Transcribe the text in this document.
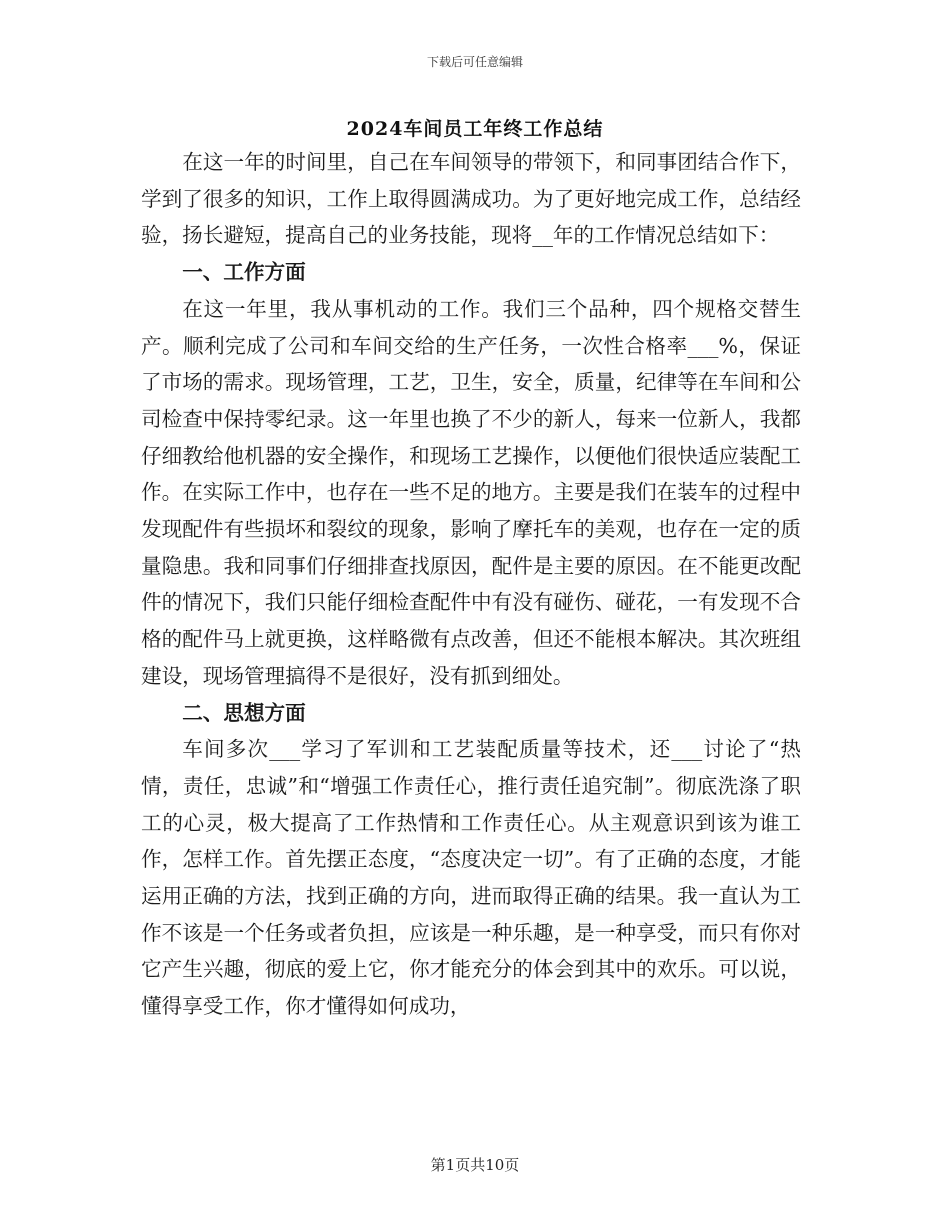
下载后可任意编辑
2024车间员工年终工作总结

在这一年的时间里，自己在车间领导的带领下，和同事团结合作下，学到了很多的知识，工作上取得圆满成功。为了更好地完成工作，总结经验，扬长避短，提高自己的业务技能，现将__年的工作情况总结如下：

一、工作方面

在这一年里，我从事机动的工作。我们三个品种，四个规格交替生产。顺利完成了公司和车间交给的生产任务，一次性合格率___%，保证了市场的需求。现场管理，工艺，卫生，安全，质量，纪律等在车间和公司检查中保持零纪录。这一年里也换了不少的新人，每来一位新人，我都仔细教给他机器的安全操作，和现场工艺操作，以便他们很快适应装配工作。在实际工作中，也存在一些不足的地方。主要是我们在装车的过程中发现配件有些损坏和裂纹的现象，影响了摩托车的美观，也存在一定的质量隐患。我和同事们仔细排查找原因，配件是主要的原因。在不能更改配件的情况下，我们只能仔细检查配件中有没有碰伤、碰花，一有发现不合格的配件马上就更换，这样略微有点改善，但还不能根本解决。其次班组建设，现场管理搞得不是很好，没有抓到细处。

二、思想方面

车间多次___学习了军训和工艺装配质量等技术，还___讨论了“热情，责任，忠诚”和“增强工作责任心，推行责任追究制”。彻底洗涤了职工的心灵，极大提高了工作热情和工作责任心。从主观意识到该为谁工作，怎样工作。首先摆正态度，“态度决定一切”。有了正确的态度，才能运用正确的方法，找到正确的方向，进而取得正确的结果。我一直认为工作不该是一个任务或者负担，应该是一种乐趣，是一种享受，而只有你对它产生兴趣，彻底的爱上它，你才能充分的体会到其中的欢乐。可以说，懂得享受工作，你才懂得如何成功，

第1页共10页
